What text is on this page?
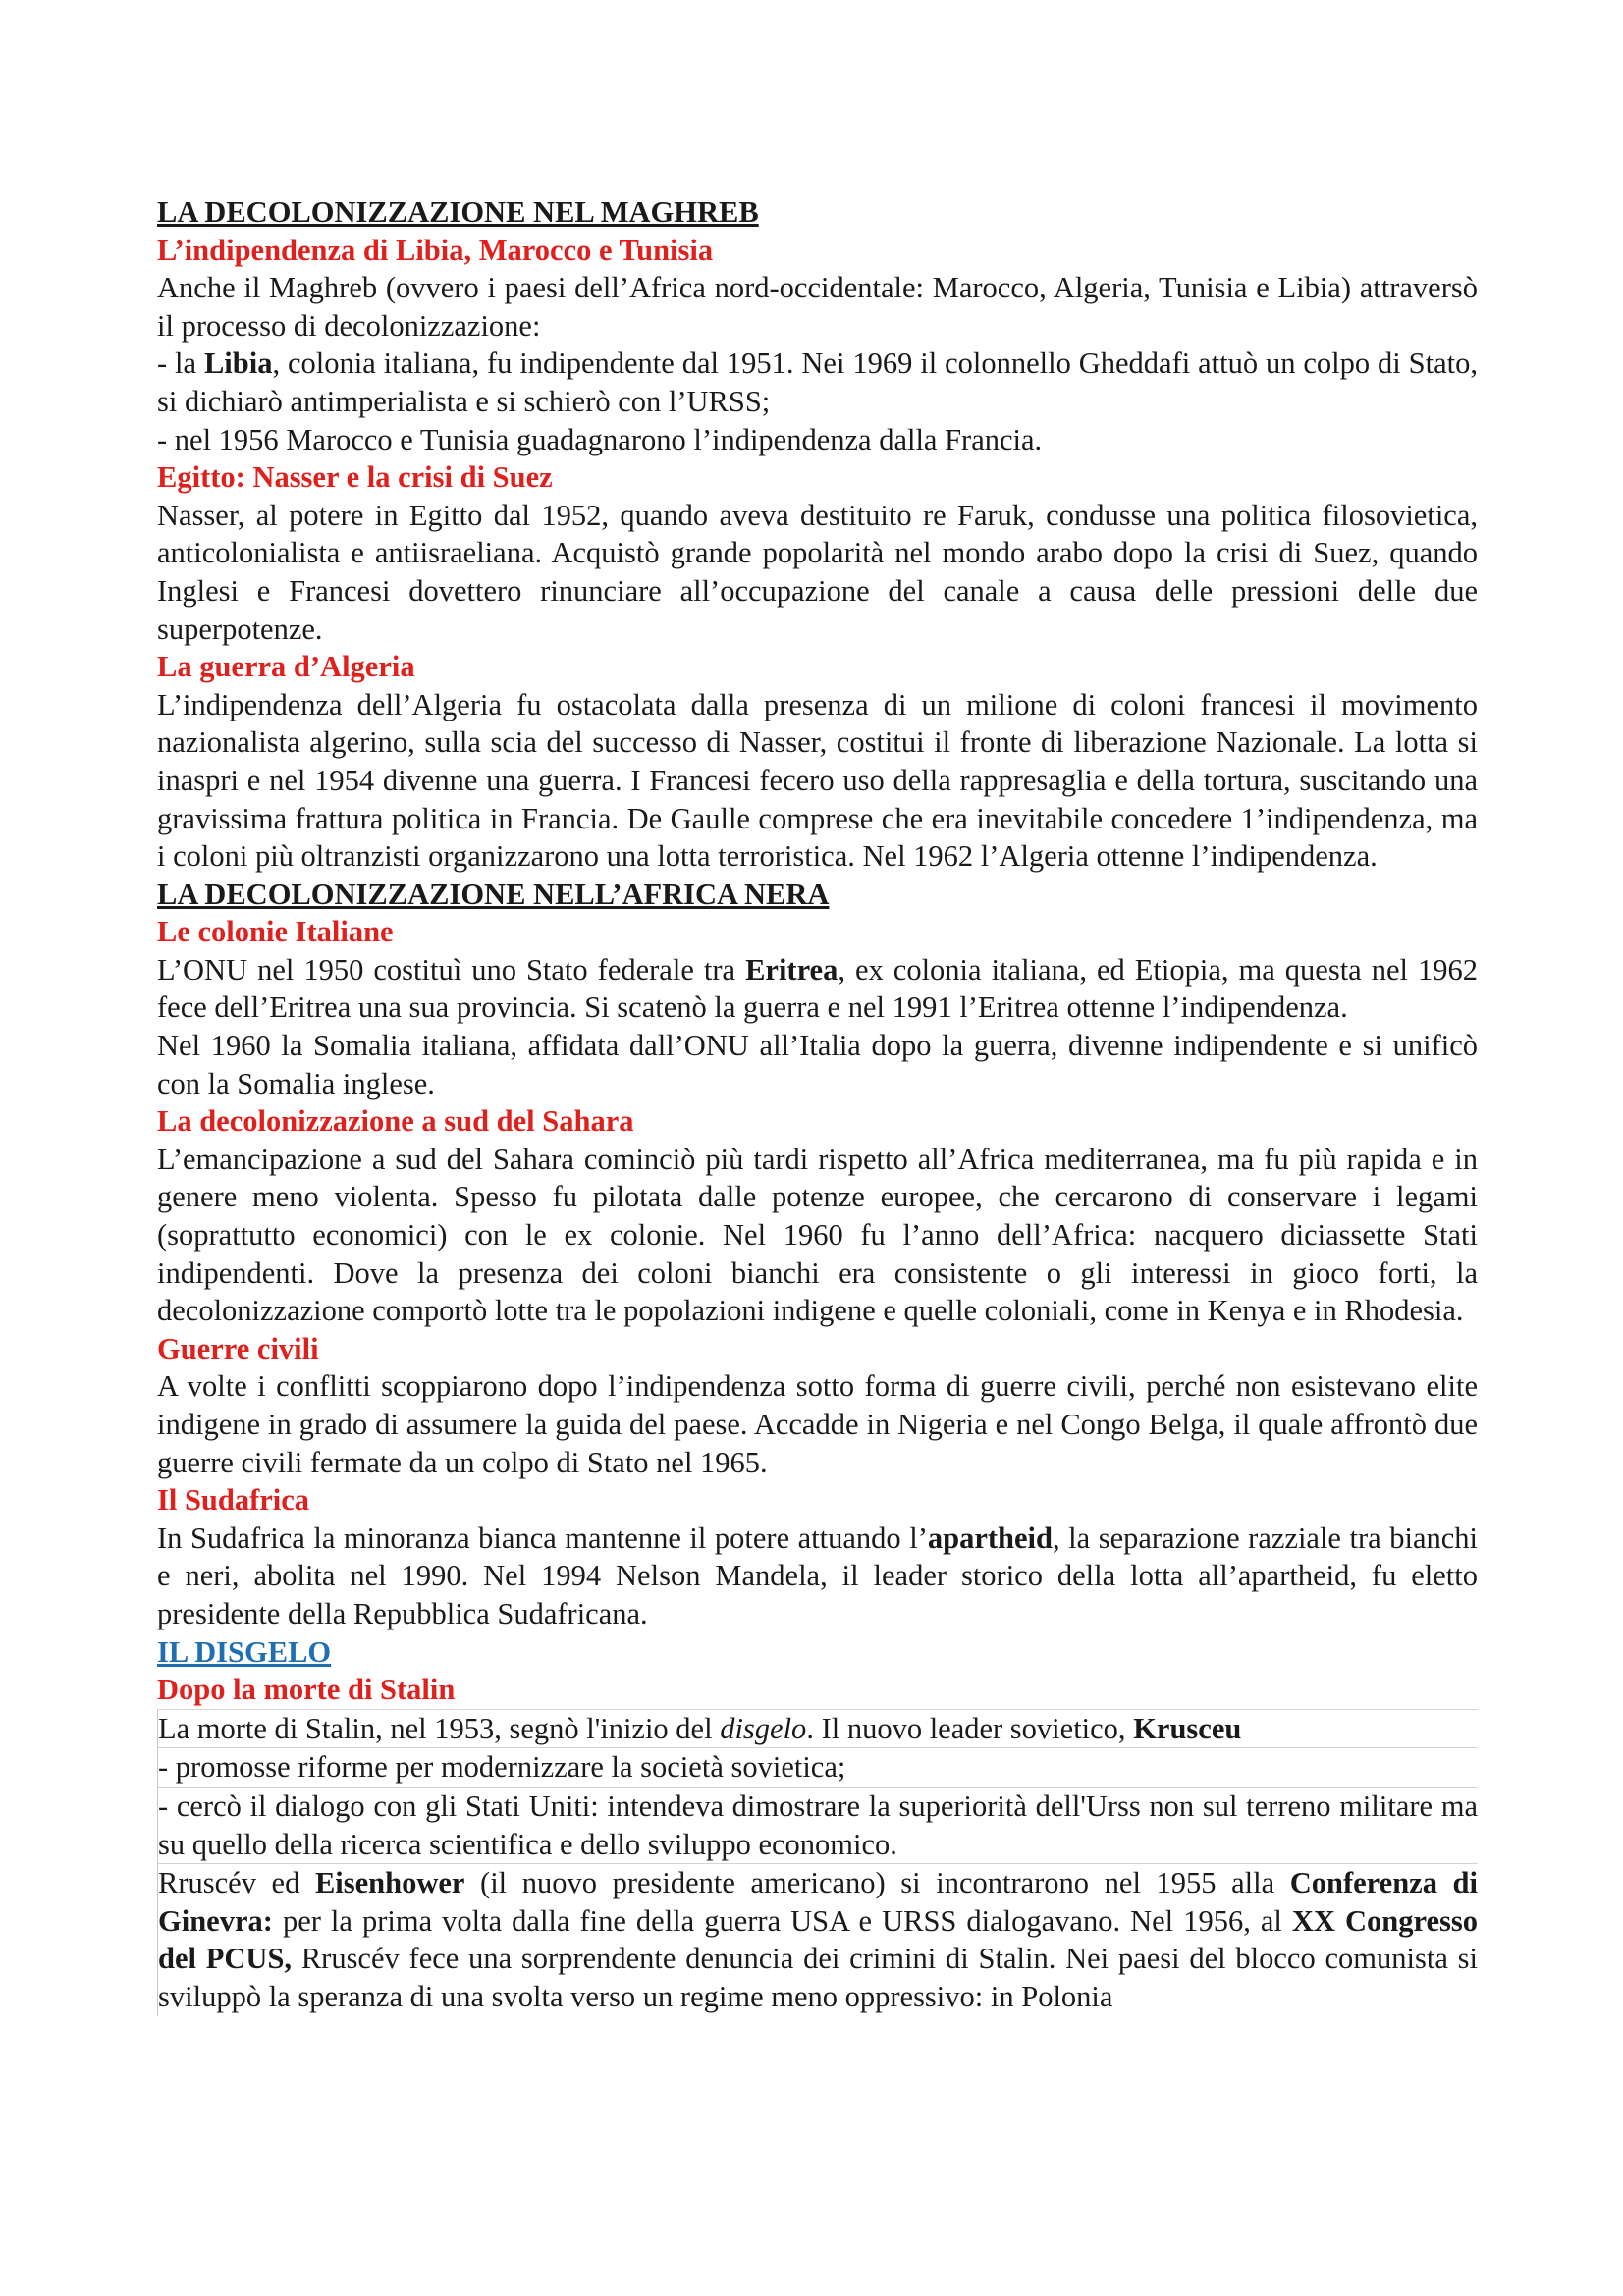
LA DECOLONIZZAZIONE NEL MAGHREB
L’indipendenza di Libia, Marocco e Tunisia
Anche il Maghreb (ovvero i paesi dell’Africa nord-occidentale: Marocco, Algeria, Tunisia e Libia) attraversò il processo di decolonizzazione:
- la Libia, colonia italiana, fu indipendente dal 1951. Nei 1969 il colonnello Gheddafi attuò un colpo di Stato, si dichiarò antimperialista e si schierò con l’URSS;
- nel 1956 Marocco e Tunisia guadagnarono l’indipendenza dalla Francia.
Egitto: Nasser e la crisi di Suez
Nasser, al potere in Egitto dal 1952, quando aveva destituito re Faruk, condusse una politica filosovietica, anticolonialista e antiisraeliana. Acquistò grande popolarità nel mondo arabo dopo la crisi di Suez, quando Inglesi e Francesi dovettero rinunciare all’occupazione del canale a causa delle pressioni delle due superpotenze.
La guerra d’Algeria
L’indipendenza dell’Algeria fu ostacolata dalla presenza di un milione di coloni francesi il movimento nazionalista algerino, sulla scia del successo di Nasser, costitui il fronte di liberazione Nazionale. La lotta si inaspri e nel 1954 divenne una guerra. I Francesi fecero uso della rappresaglia e della tortura, suscitando una gravissima frattura politica in Francia. De Gaulle comprese che era inevitabile concedere 1’indipendenza, ma i coloni più oltranzisti organizzarono una lotta terroristica. Nel 1962 l’Algeria ottenne l’indipendenza.
LA DECOLONIZZAZIONE NELL’AFRICA NERA
Le colonie Italiane
L’ONU nel 1950 costituì uno Stato federale tra Eritrea, ex colonia italiana, ed Etiopia, ma questa nel 1962 fece dell’Eritrea una sua provincia. Si scatenò la guerra e nel 1991 l’Eritrea ottenne l’indipendenza.
Nel 1960 la Somalia italiana, affidata dall’ONU all’Italia dopo la guerra, divenne indipendente e si unificò con la Somalia inglese.
La decolonizzazione a sud del Sahara
L’emancipazione a sud del Sahara cominciò più tardi rispetto all’Africa mediterranea, ma fu più rapida e in genere meno violenta. Spesso fu pilotata dalle potenze europee, che cercarono di conservare i legami (soprattutto economici) con le ex colonie. Nel 1960 fu l’anno dell’Africa: nacquero diciassette Stati indipendenti. Dove la presenza dei coloni bianchi era consistente o gli interessi in gioco forti, la decolonizzazione comportò lotte tra le popolazioni indigene e quelle coloniali, come in Kenya e in Rhodesia.
Guerre civili
A volte i conflitti scoppiarono dopo l’indipendenza sotto forma di guerre civili, perché non esistevano elite indigene in grado di assumere la guida del paese. Accadde in Nigeria e nel Congo Belga, il quale affrontò due guerre civili fermate da un colpo di Stato nel 1965.
Il Sudafrica
In Sudafrica la minoranza bianca mantenne il potere attuando l’apartheid, la separazione razziale tra bianchi e neri, abolita nel 1990. Nel 1994 Nelson Mandela, il leader storico della lotta all’apartheid, fu eletto presidente della Repubblica Sudafricana.
IL DISGELO
Dopo la morte di Stalin
La morte di Stalin, nel 1953, segnò l'inizio del disgelo. Il nuovo leader sovietico, Krusceu
- promosse riforme per modernizzare la società sovietica;
- cercò il dialogo con gli Stati Uniti: intendeva dimostrare la superiorità dell'Urss non sul terreno militare ma su quello della ricerca scientifica e dello sviluppo economico.
Rruscév ed Eisenhower (il nuovo presidente americano) si incontrarono nel 1955 alla Conferenza di Ginevra: per la prima volta dalla fine della guerra USA e URSS dialogavano. Nel 1956, al XX Congresso del PCUS, Rruscév fece una sorprendente denuncia dei crimini di Stalin. Nei paesi del blocco comunista si sviluppò la speranza di una svolta verso un regime meno oppressivo: in Polonia
